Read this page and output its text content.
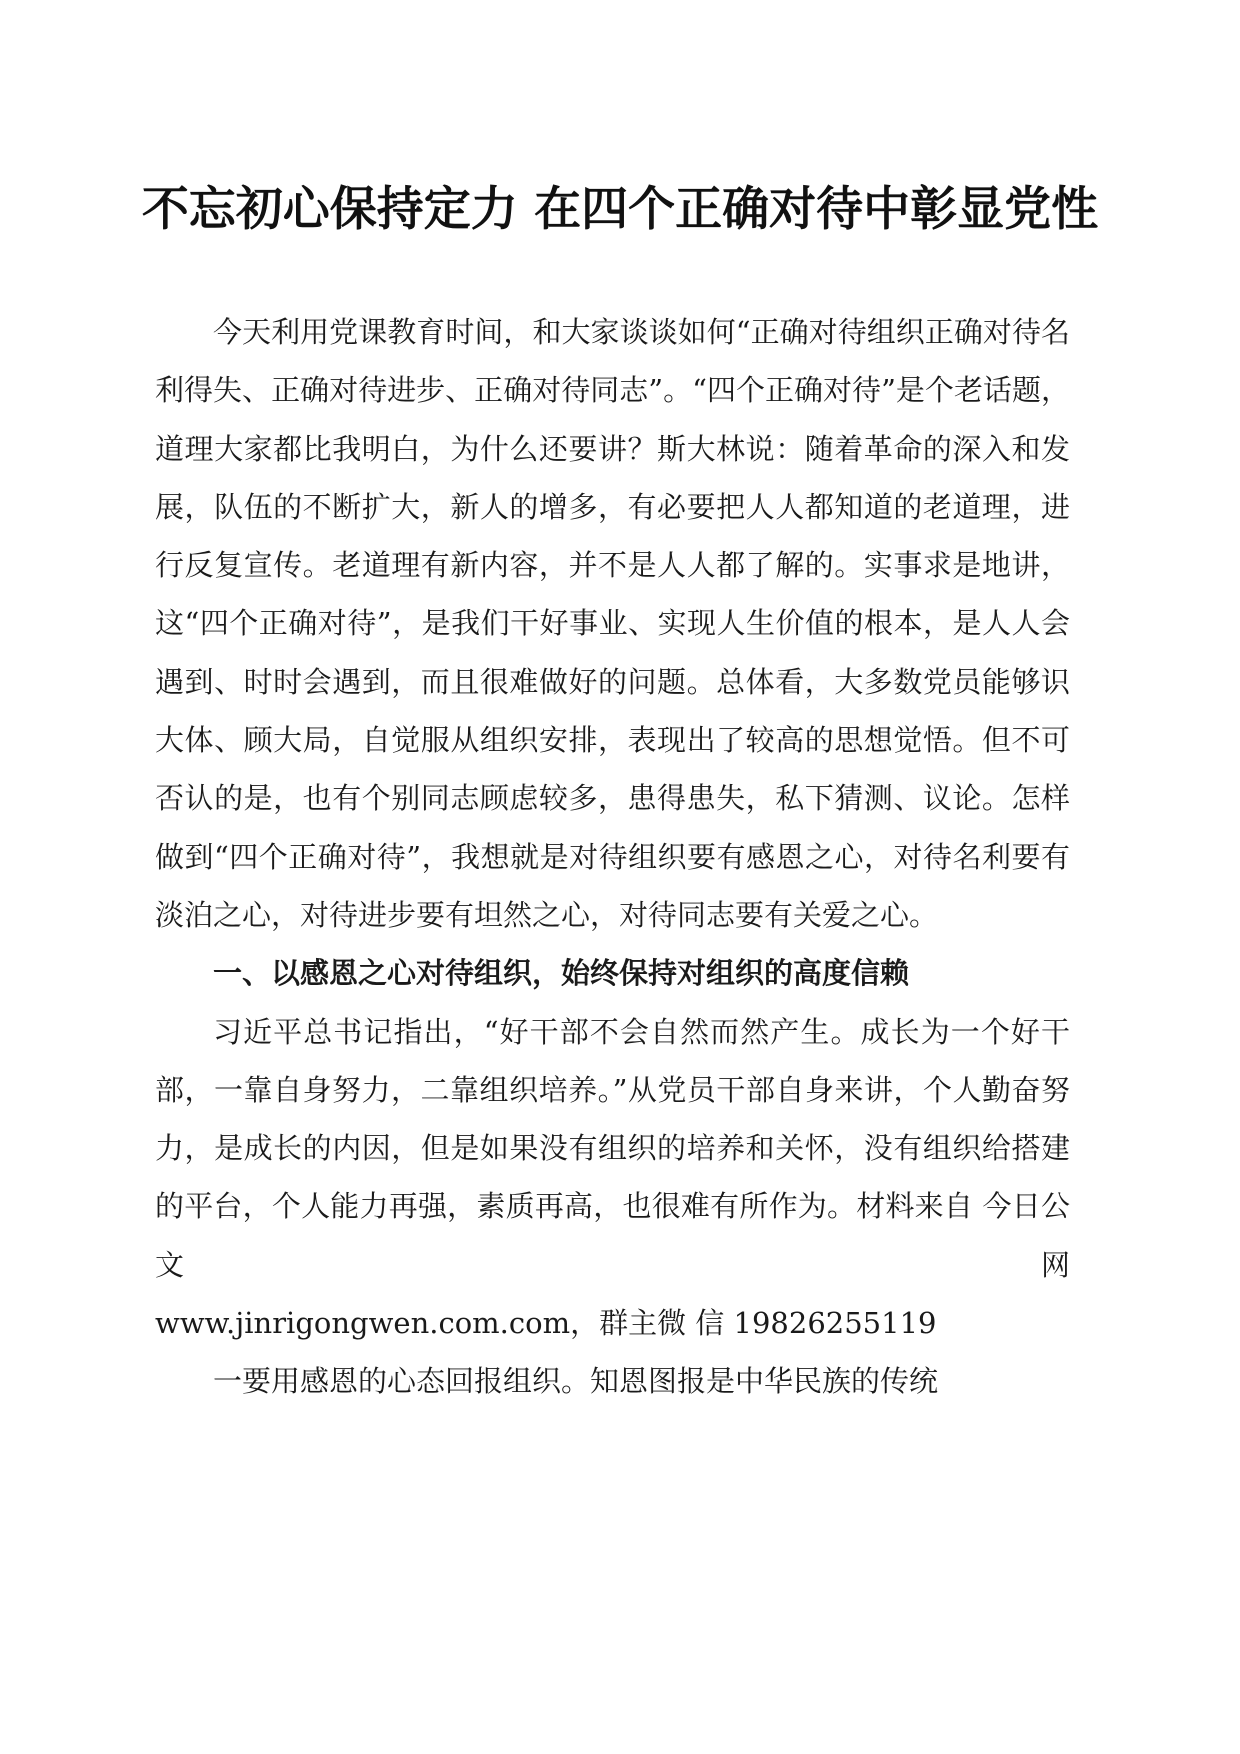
不忘初心保持定力 在四个正确对待中彰显党性

今天利用党课教育时间，和大家谈谈如何“正确对待组织正确对待名利得失、正确对待进步、正确对待同志”。“四个正确对待”是个老话题，道理大家都比我明白，为什么还要讲？斯大林说：随着革命的深入和发展，队伍的不断扩大，新人的增多，有必要把人人都知道的老道理，进行反复宣传。老道理有新内容，并不是人人都了解的。实事求是地讲，这“四个正确对待”，是我们干好事业、实现人生价值的根本，是人人会遇到、时时会遇到，而且很难做好的问题。总体看，大多数党员能够识大体、顾大局，自觉服从组织安排，表现出了较高的思想觉悟。但不可否认的是，也有个别同志顾虑较多，患得患失，私下猜测、议论。怎样做到“四个正确对待”，我想就是对待组织要有感恩之心，对待名利要有淡泊之心，对待进步要有坦然之心，对待同志要有关爱之心。

一、以感恩之心对待组织，始终保持对组织的高度信赖

习近平总书记指出，“好干部不会自然而然产生。成长为一个好干部，一靠自身努力，二靠组织培养。”从党员干部自身来讲，个人勤奋努力，是成长的内因，但是如果没有组织的培养和关怀，没有组织给搭建的平台，个人能力再强，素质再高，也很难有所作为。材料来自 今日公文网

www.jinrigongwen.com.com，群主微 信 19826255119

一要用感恩的心态回报组织。知恩图报是中华民族的传统
